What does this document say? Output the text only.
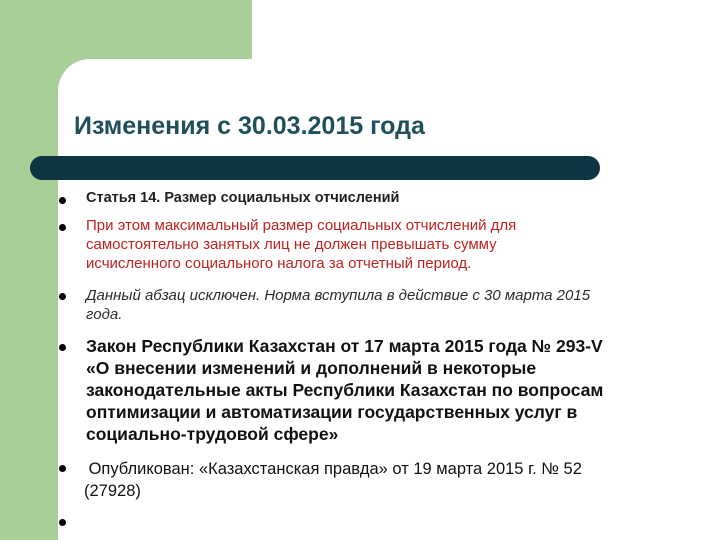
Изменения с 30.03.2015 года
Статья 14. Размер социальных отчислений
При этом максимальный размер социальных отчислений для
самостоятельно занятых лиц не должен превышать сумму
исчисленного социального налога за отчетный период.
Данный абзац исключен. Норма вступила в действие с 30 марта 2015
года.
Закон Республики Казахстан от 17 марта 2015 года № 293-V
«О внесении изменений и дополнений в некоторые
законодательные акты Республики Казахстан по вопросам
оптимизации и автоматизации государственных услуг в
социально-трудовой сфере»
Опубликован: «Казахстанская правда» от 19 марта 2015 г. № 52
(27928)
